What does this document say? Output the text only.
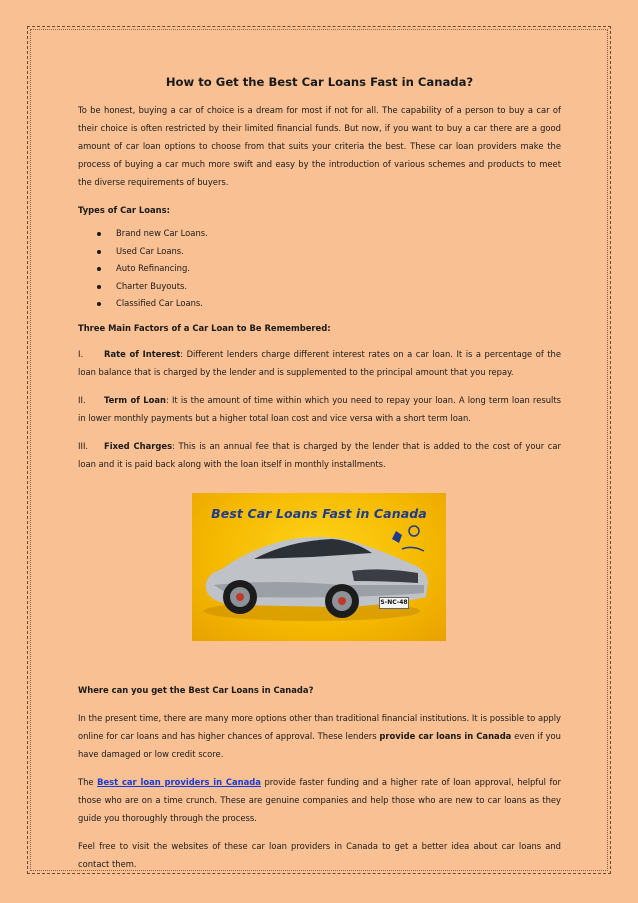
How to Get the Best Car Loans Fast in Canada?

To be honest, buying a car of choice is a dream for most if not for all. The capability of a person to buy a car of their choice is often restricted by their limited financial funds. But now, if you want to buy a car there are a good amount of car loan options to choose from that suits your criteria the best. These car loan providers make the process of buying a car much more swift and easy by the introduction of various schemes and products to meet the diverse requirements of buyers.

Types of Car Loans:

Brand new Car Loans.
Used Car Loans.
Auto Refinancing.
Charter Buyouts.
Classified Car Loans.

Three Main Factors of a Car Loan to Be Remembered:

I. Rate of Interest: Different lenders charge different interest rates on a car loan. It is a percentage of the loan balance that is charged by the lender and is supplemented to the principal amount that you repay.

II. Term of Loan: It is the amount of time within which you need to repay your loan. A long term loan results in lower monthly payments but a higher total loan cost and vice versa with a short term loan.

III. Fixed Charges: This is an annual fee that is charged by the lender that is added to the cost of your car loan and it is paid back along with the loan itself in monthly installments.

Best Car Loans Fast in Canada
S-NC-48

Where can you get the Best Car Loans in Canada?

In the present time, there are many more options other than traditional financial institutions. It is possible to apply online for car loans and has higher chances of approval. These lenders provide car loans in Canada even if you have damaged or low credit score.

The Best car loan providers in Canada provide faster funding and a higher rate of loan approval, helpful for those who are on a time crunch. These are genuine companies and help those who are new to car loans as they guide you thoroughly through the process.

Feel free to visit the websites of these car loan providers in Canada to get a better idea about car loans and contact them.
